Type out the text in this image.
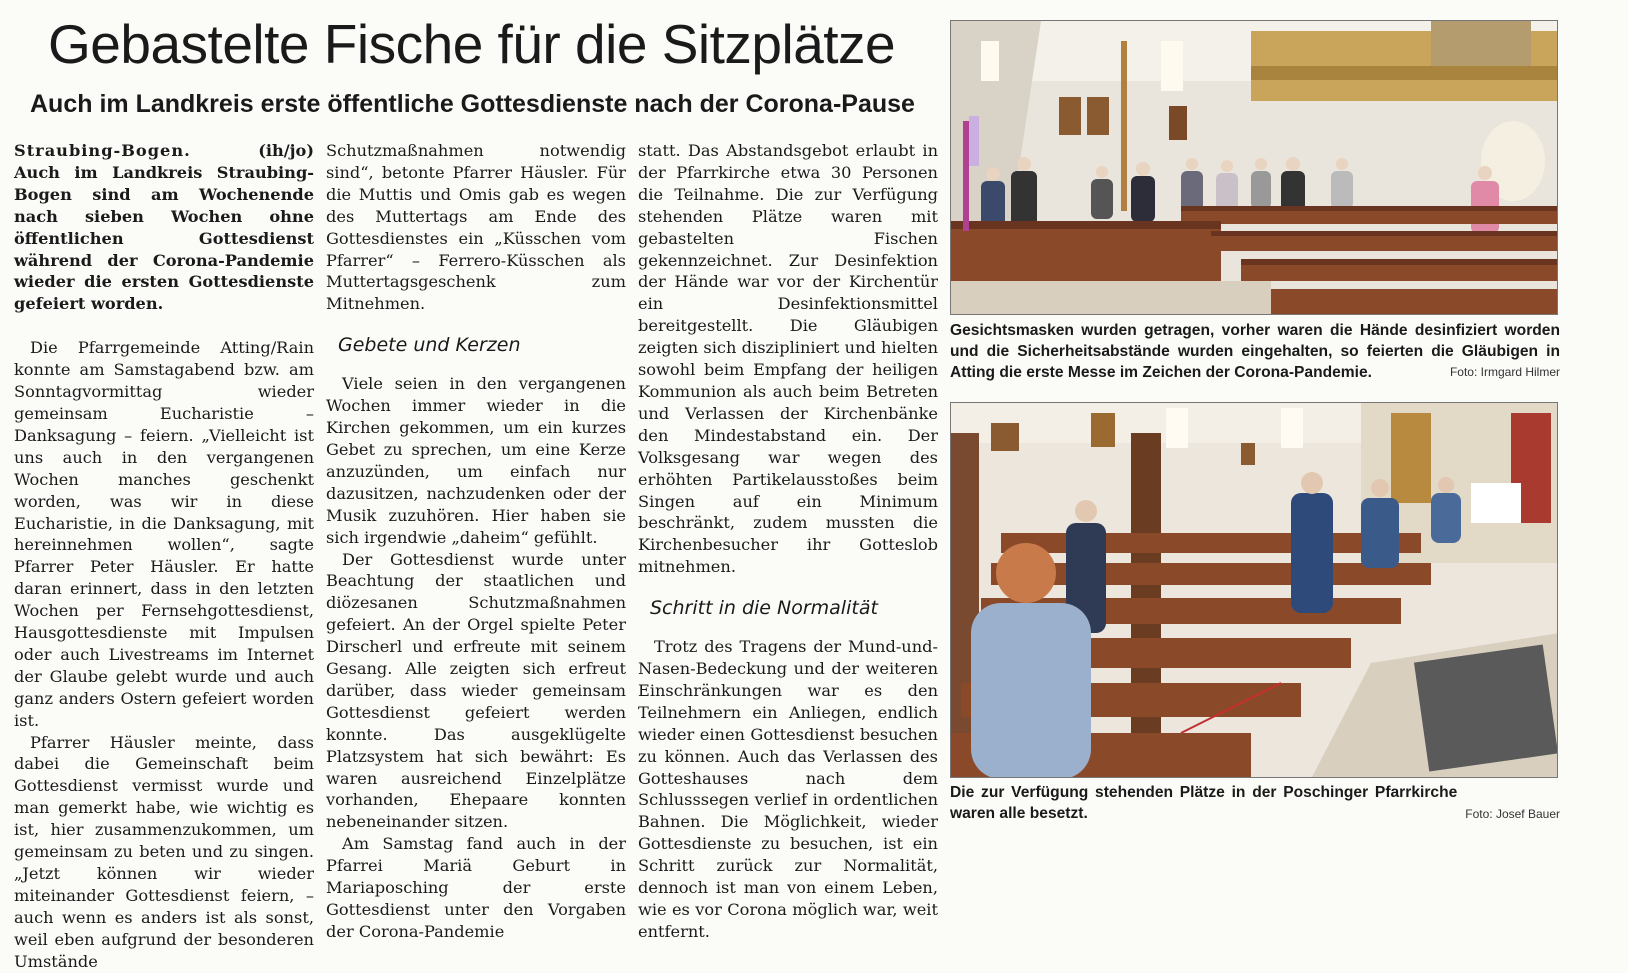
Gebastelte Fische für die Sitzplätze
Auch im Landkreis erste öffentliche Gottesdienste nach der Corona-Pause

Straubing-Bogen.	(ih/jo)

Auch im Landkreis Straubing-Bogen sind am Wochenende nach sieben Wochen ohne öffentlichen Gottesdienst während der Corona-Pandemie wieder die ersten Gottesdienste gefeiert worden.

Die Pfarrgemeinde Atting/Rain konnte am Samstagabend bzw. am Sonntagvormittag wieder gemeinsam Eucharistie – Danksagung – feiern. „Vielleicht ist uns auch in den vergangenen Wochen manches geschenkt worden, was wir in diese Eucharistie, in die Danksagung, mit hereinnehmen wollen“, sagte Pfarrer Peter Häusler. Er hatte daran erinnert, dass in den letzten Wochen per Fernsehgottesdienst, Hausgottesdienste mit Impulsen oder auch Livestreams im Internet der Glaube gelebt wurde und auch ganz anders Ostern gefeiert worden ist.

Pfarrer Häusler meinte, dass dabei die Gemeinschaft beim Gottesdienst vermisst wurde und man gemerkt habe, wie wichtig es ist, hier zusammenzukommen, um gemeinsam zu beten und zu singen. „Jetzt können wir wieder miteinander Gottesdienst feiern, – auch wenn es anders ist als sonst, weil eben aufgrund der besonderen Umstände

Schutzmaßnahmen notwendig sind“, betonte Pfarrer Häusler. Für die Muttis und Omis gab es wegen des Muttertags am Ende des Gottesdienstes ein „Küsschen vom Pfarrer“ – Ferrero-Küsschen als Muttertagsgeschenk zum Mitnehmen.

Gebete und Kerzen

Viele seien in den vergangenen Wochen immer wieder in die Kirchen gekommen, um ein kurzes Gebet zu sprechen, um eine Kerze anzuzünden, um einfach nur dazusitzen, nachzudenken oder der Musik zuzuhören. Hier haben sie sich irgendwie „daheim“ gefühlt.

Der Gottesdienst wurde unter Beachtung der staatlichen und diözesanen Schutzmaßnahmen gefeiert. An der Orgel spielte Peter Dirscherl und erfreute mit seinem Gesang. Alle zeigten sich erfreut darüber, dass wieder gemeinsam Gottesdienst gefeiert werden konnte. Das ausgeklügelte Platzsystem hat sich bewährt: Es waren ausreichend Einzelplätze vorhanden, Ehepaare konnten nebeneinander sitzen.

Am Samstag fand auch in der Pfarrei Mariä Geburt in Mariaposching der erste Gottesdienst unter den Vorgaben der Corona-Pandemie

statt. Das Abstandsgebot erlaubt in der Pfarrkirche etwa 30 Personen die Teilnahme. Die zur Verfügung stehenden Plätze waren mit gebastelten Fischen gekennzeichnet. Zur Desinfektion der Hände war vor der Kirchentür ein Desinfektionsmittel bereitgestellt. Die Gläubigen zeigten sich diszipliniert und hielten sowohl beim Empfang der heiligen Kommunion als auch beim Betreten und Verlassen der Kirchenbänke den Mindestabstand ein. Der Volksgesang war wegen des erhöhten Partikelausstoßes beim Singen auf ein Minimum beschränkt, zudem mussten die Kirchenbesucher ihr Gotteslob mitnehmen.

Schritt in die Normalität

Trotz des Tragens der Mund-und-Nasen-Bedeckung und der weiteren Einschränkungen war es den Teilnehmern ein Anliegen, endlich wieder einen Gottesdienst besuchen zu können. Auch das Verlassen des Gotteshauses nach dem Schlusssegen verlief in ordentlichen Bahnen. Die Möglichkeit, wieder Gottesdienste zu besuchen, ist ein Schritt zurück zur Normalität, dennoch ist man von einem Leben, wie es vor Corona möglich war, weit entfernt.

Gesichtsmasken wurden getragen, vorher waren die Hände desinfiziert worden und die Sicherheitsabstände wurden eingehalten, so feierten die Gläubigen in Atting die erste Messe im Zeichen der Corona-Pandemie.	Foto: Irmgard Hilmer
Foto: Josef Bauer
Die zur Verfügung stehenden Plätze in der Poschinger Pfarrkirche waren alle besetzt.
